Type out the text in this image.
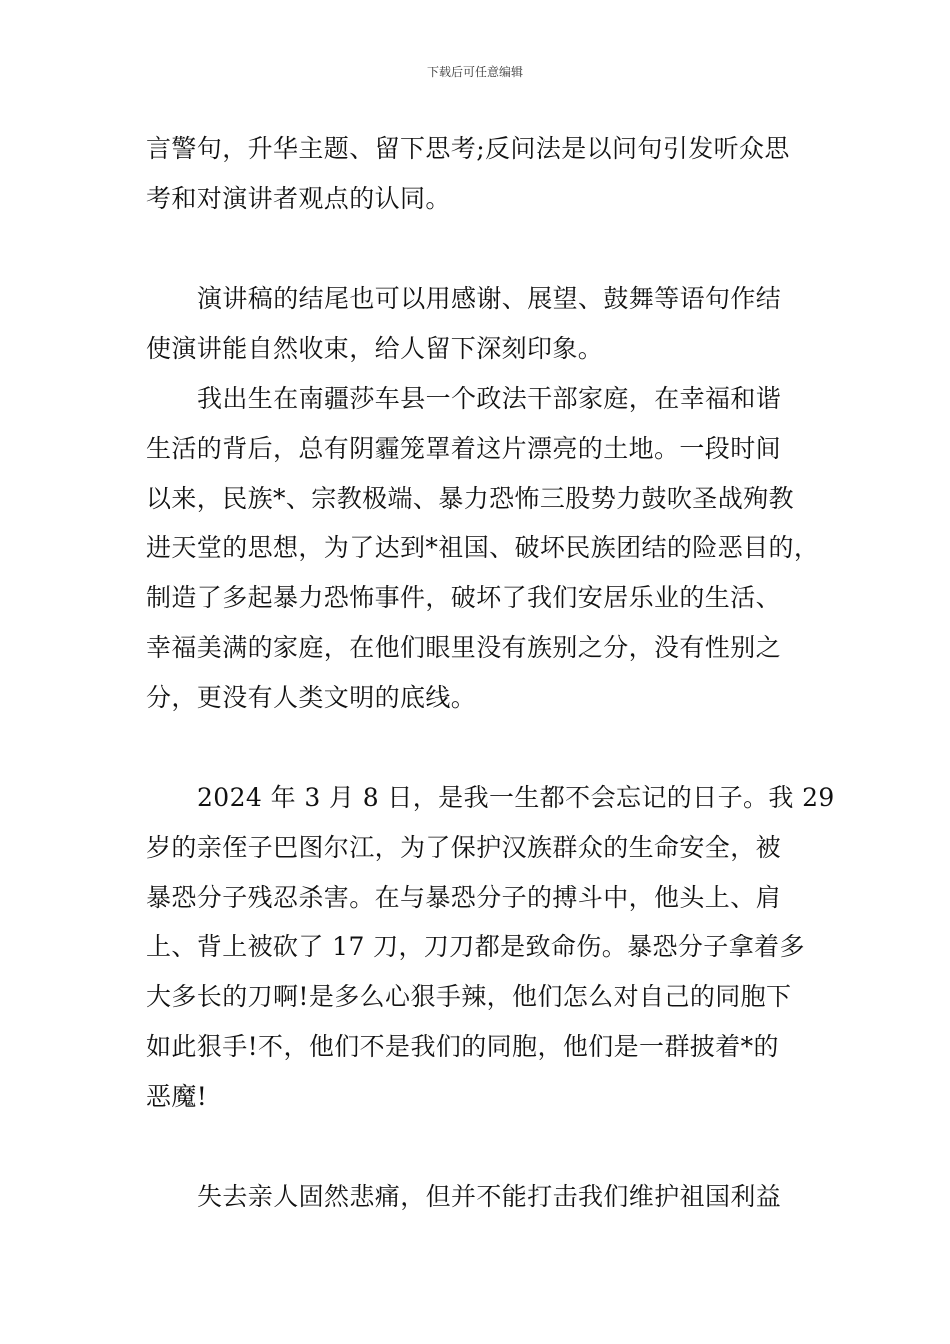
下载后可任意编辑
言警句，升华主题、留下思考;反问法是以问句引发听众思
考和对演讲者观点的认同。
演讲稿的结尾也可以用感谢、展望、鼓舞等语句作结
使演讲能自然收束，给人留下深刻印象。
我出生在南疆莎车县一个政法干部家庭，在幸福和谐
生活的背后，总有阴霾笼罩着这片漂亮的土地。一段时间
以来，民族*、宗教极端、暴力恐怖三股势力鼓吹圣战殉教
进天堂的思想，为了达到*祖国、破坏民族团结的险恶目的，
制造了多起暴力恐怖事件，破坏了我们安居乐业的生活、
幸福美满的家庭，在他们眼里没有族别之分，没有性别之
分，更没有人类文明的底线。
2024 年 3 月 8 日，是我一生都不会忘记的日子。我 29
岁的亲侄子巴图尔江，为了保护汉族群众的生命安全，被
暴恐分子残忍杀害。在与暴恐分子的搏斗中，他头上、肩
上、背上被砍了 17 刀，刀刀都是致命伤。暴恐分子拿着多
大多长的刀啊!是多么心狠手辣，他们怎么对自己的同胞下
如此狠手!不，他们不是我们的同胞，他们是一群披着*的
恶魔!
失去亲人固然悲痛，但并不能打击我们维护祖国利益
